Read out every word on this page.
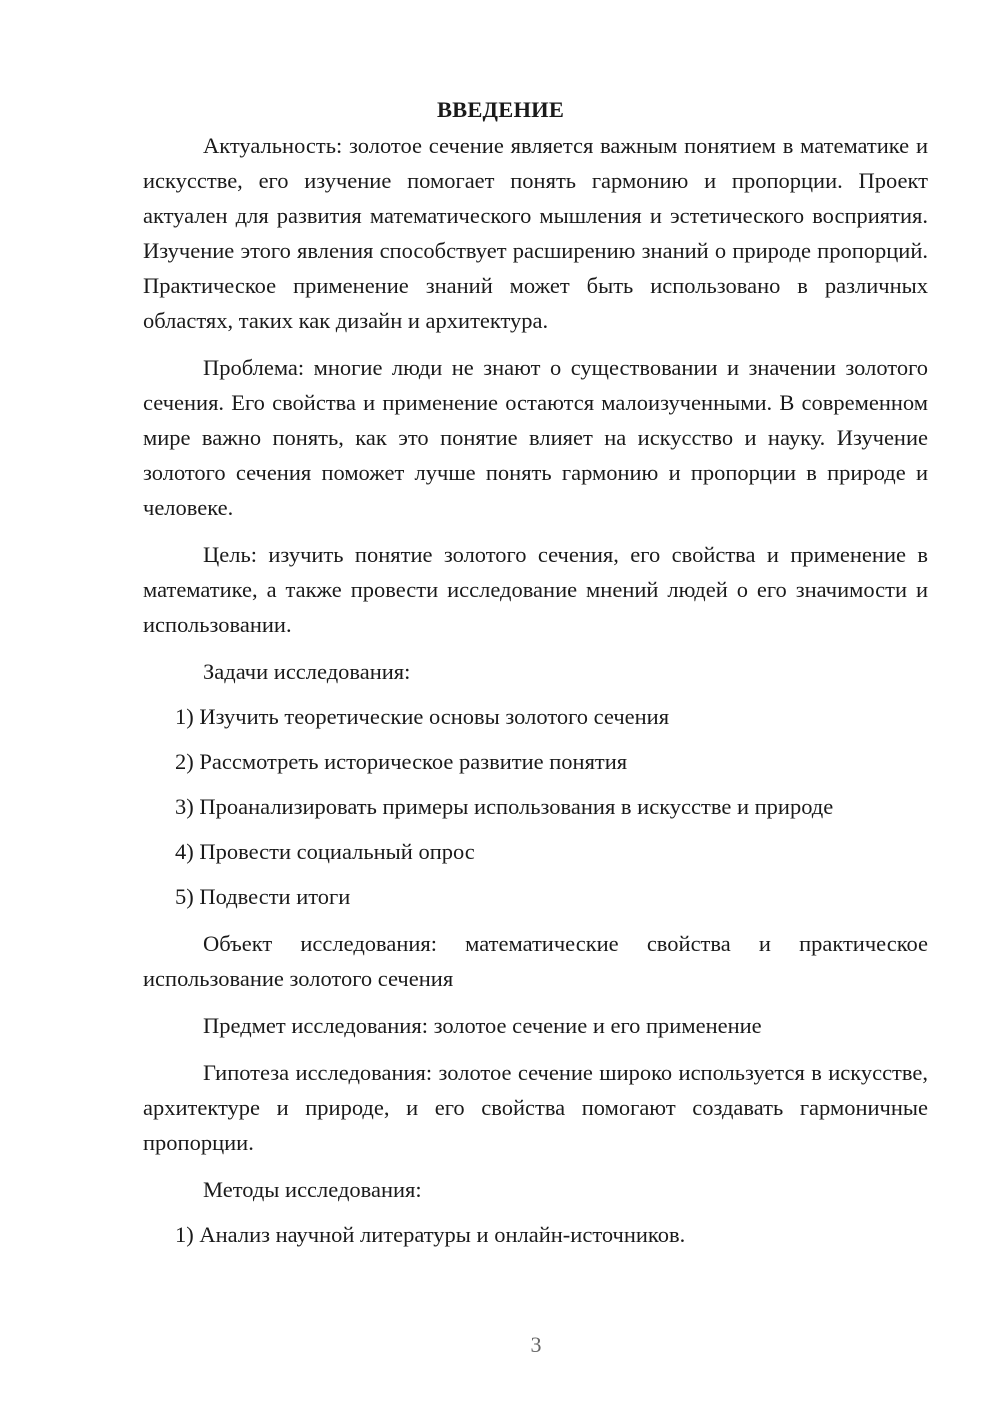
ВВЕДЕНИЕ

Актуальность: золотое сечение является важным понятием в математике и искусстве, его изучение помогает понять гармонию и пропорции. Проект актуален для развития математического мышления и эстетического восприятия. Изучение этого явления способствует расширению знаний о природе пропорций. Практическое применение знаний может быть использовано в различных областях, таких как дизайн и архитектура.

Проблема: многие люди не знают о существовании и значении золотого сечения. Его свойства и применение остаются малоизученными. В современном мире важно понять, как это понятие влияет на искусство и науку. Изучение золотого сечения поможет лучше понять гармонию и пропорции в природе и человеке.

Цель: изучить понятие золотого сечения, его свойства и применение в математике, а также провести исследование мнений людей о его значимости и использовании.

Задачи исследования:

1) Изучить теоретические основы золотого сечения

2) Рассмотреть историческое развитие понятия

3) Проанализировать примеры использования в искусстве и природе

4) Провести социальный опрос

5) Подвести итоги

Объект исследования: математические свойства и практическое использование золотого сечения

Предмет исследования: золотое сечение и его применение

Гипотеза исследования: золотое сечение широко используется в искусстве, архитектуре и природе, и его свойства помогают создавать гармоничные пропорции.

Методы исследования:

1) Анализ научной литературы и онлайн-источников.

3
